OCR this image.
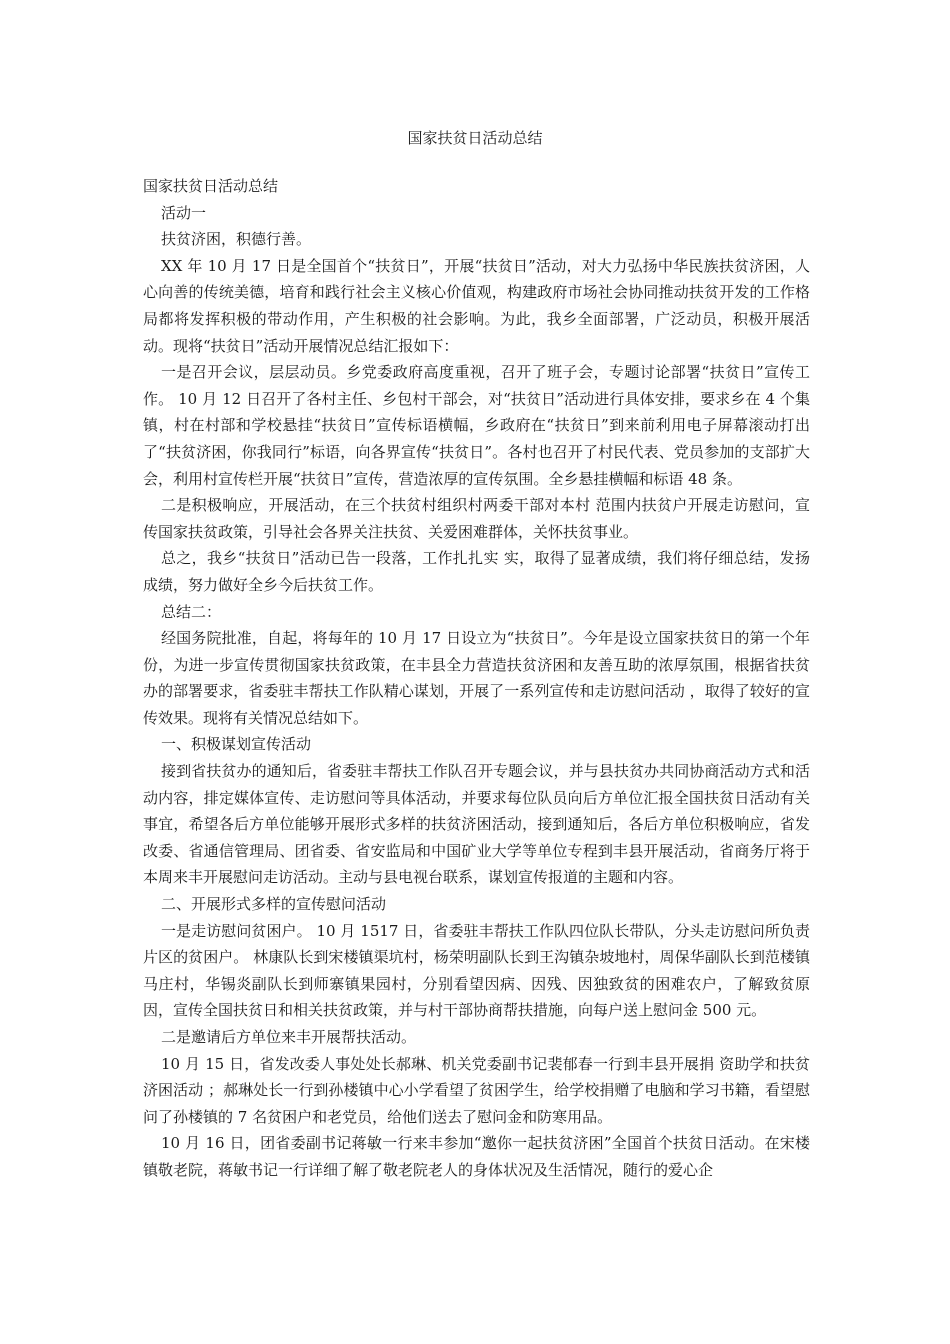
国家扶贫日活动总结

国家扶贫日活动总结

活动一

扶贫济困，积德行善。

XX 年 10 月 17 日是全国首个“扶贫日”，开展“扶贫日”活动，对大力弘扬中华民族扶贫济困，人心向善的传统美德，培育和践行社会主义核心价值观，构建政府市场社会协同推动扶贫开发的工作格局都将发挥积极的带动作用，产生积极的社会影响。为此，我乡全面部署，广泛动员，积极开展活动。现将“扶贫日”活动开展情况总结汇报如下：

一是召开会议，层层动员。乡党委政府高度重视，召开了班子会，专题讨论部署“扶贫日”宣传工作。 10 月 12 日召开了各村主任、乡包村干部会，对“扶贫日”活动进行具体安排，要求乡在 4 个集镇，村在村部和学校悬挂“扶贫日”宣传标语横幅，乡政府在“扶贫日”到来前利用电子屏幕滚动打出了“扶贫济困，你我同行”标语，向各界宣传“扶贫日”。各村也召开了村民代表、党员参加的支部扩大会，利用村宣传栏开展“扶贫日”宣传，营造浓厚的宣传氛围。全乡悬挂横幅和标语 48 条。

二是积极响应，开展活动，在三个扶贫村组织村两委干部对本村 范围内扶贫户开展走访慰问，宣传国家扶贫政策，引导社会各界关注扶贫、关爱困难群体，关怀扶贫事业。

总之，我乡“扶贫日”活动已告一段落，工作扎扎实 实，取得了显著成绩，我们将仔细总结，发扬成绩，努力做好全乡今后扶贫工作。

总结二：

经国务院批准，自起，将每年的 10 月 17 日设立为“扶贫日”。今年是设立国家扶贫日的第一个年份，为进一步宣传贯彻国家扶贫政策，在丰县全力营造扶贫济困和友善互助的浓厚氛围，根据省扶贫办的部署要求，省委驻丰帮扶工作队精心谋划，开展了一系列宣传和走访慰问活动 ，取得了较好的宣传效果。现将有关情况总结如下。

一、积极谋划宣传活动

接到省扶贫办的通知后，省委驻丰帮扶工作队召开专题会议，并与县扶贫办共同协商活动方式和活动内容，排定媒体宣传、走访慰问等具体活动，并要求每位队员向后方单位汇报全国扶贫日活动有关事宜，希望各后方单位能够开展形式多样的扶贫济困活动，接到通知后，各后方单位积极响应，省发改委、省通信管理局、团省委、省安监局和中国矿业大学等单位专程到丰县开展活动，省商务厅将于本周来丰开展慰问走访活动。主动与县电视台联系，谋划宣传报道的主题和内容。

二、开展形式多样的宣传慰问活动

一是走访慰问贫困户。 10 月 1517 日，省委驻丰帮扶工作队四位队长带队，分头走访慰问所负责片区的贫困户。 林康队长到宋楼镇渠坑村，杨荣明副队长到王沟镇杂坡地村，周保华副队长到范楼镇马庄村，华锡炎副队长到师寨镇果园村，分别看望因病、因残、因独致贫的困难农户，了解致贫原因，宣传全国扶贫日和相关扶贫政策，并与村干部协商帮扶措施，向每户送上慰问金 500 元。

二是邀请后方单位来丰开展帮扶活动。

10 月 15 日，省发改委人事处处长郝琳、机关党委副书记裴郁春一行到丰县开展捐 资助学和扶贫济困活动 ；郝琳处长一行到孙楼镇中心小学看望了贫困学生，给学校捐赠了电脑和学习书籍，看望慰问了孙楼镇的 7 名贫困户和老党员，给他们送去了慰问金和防寒用品。

10 月 16 日，团省委副书记蒋敏一行来丰参加“邀你一起扶贫济困”全国首个扶贫日活动。在宋楼镇敬老院，蒋敏书记一行详细了解了敬老院老人的身体状况及生活情况，随行的爱心企
